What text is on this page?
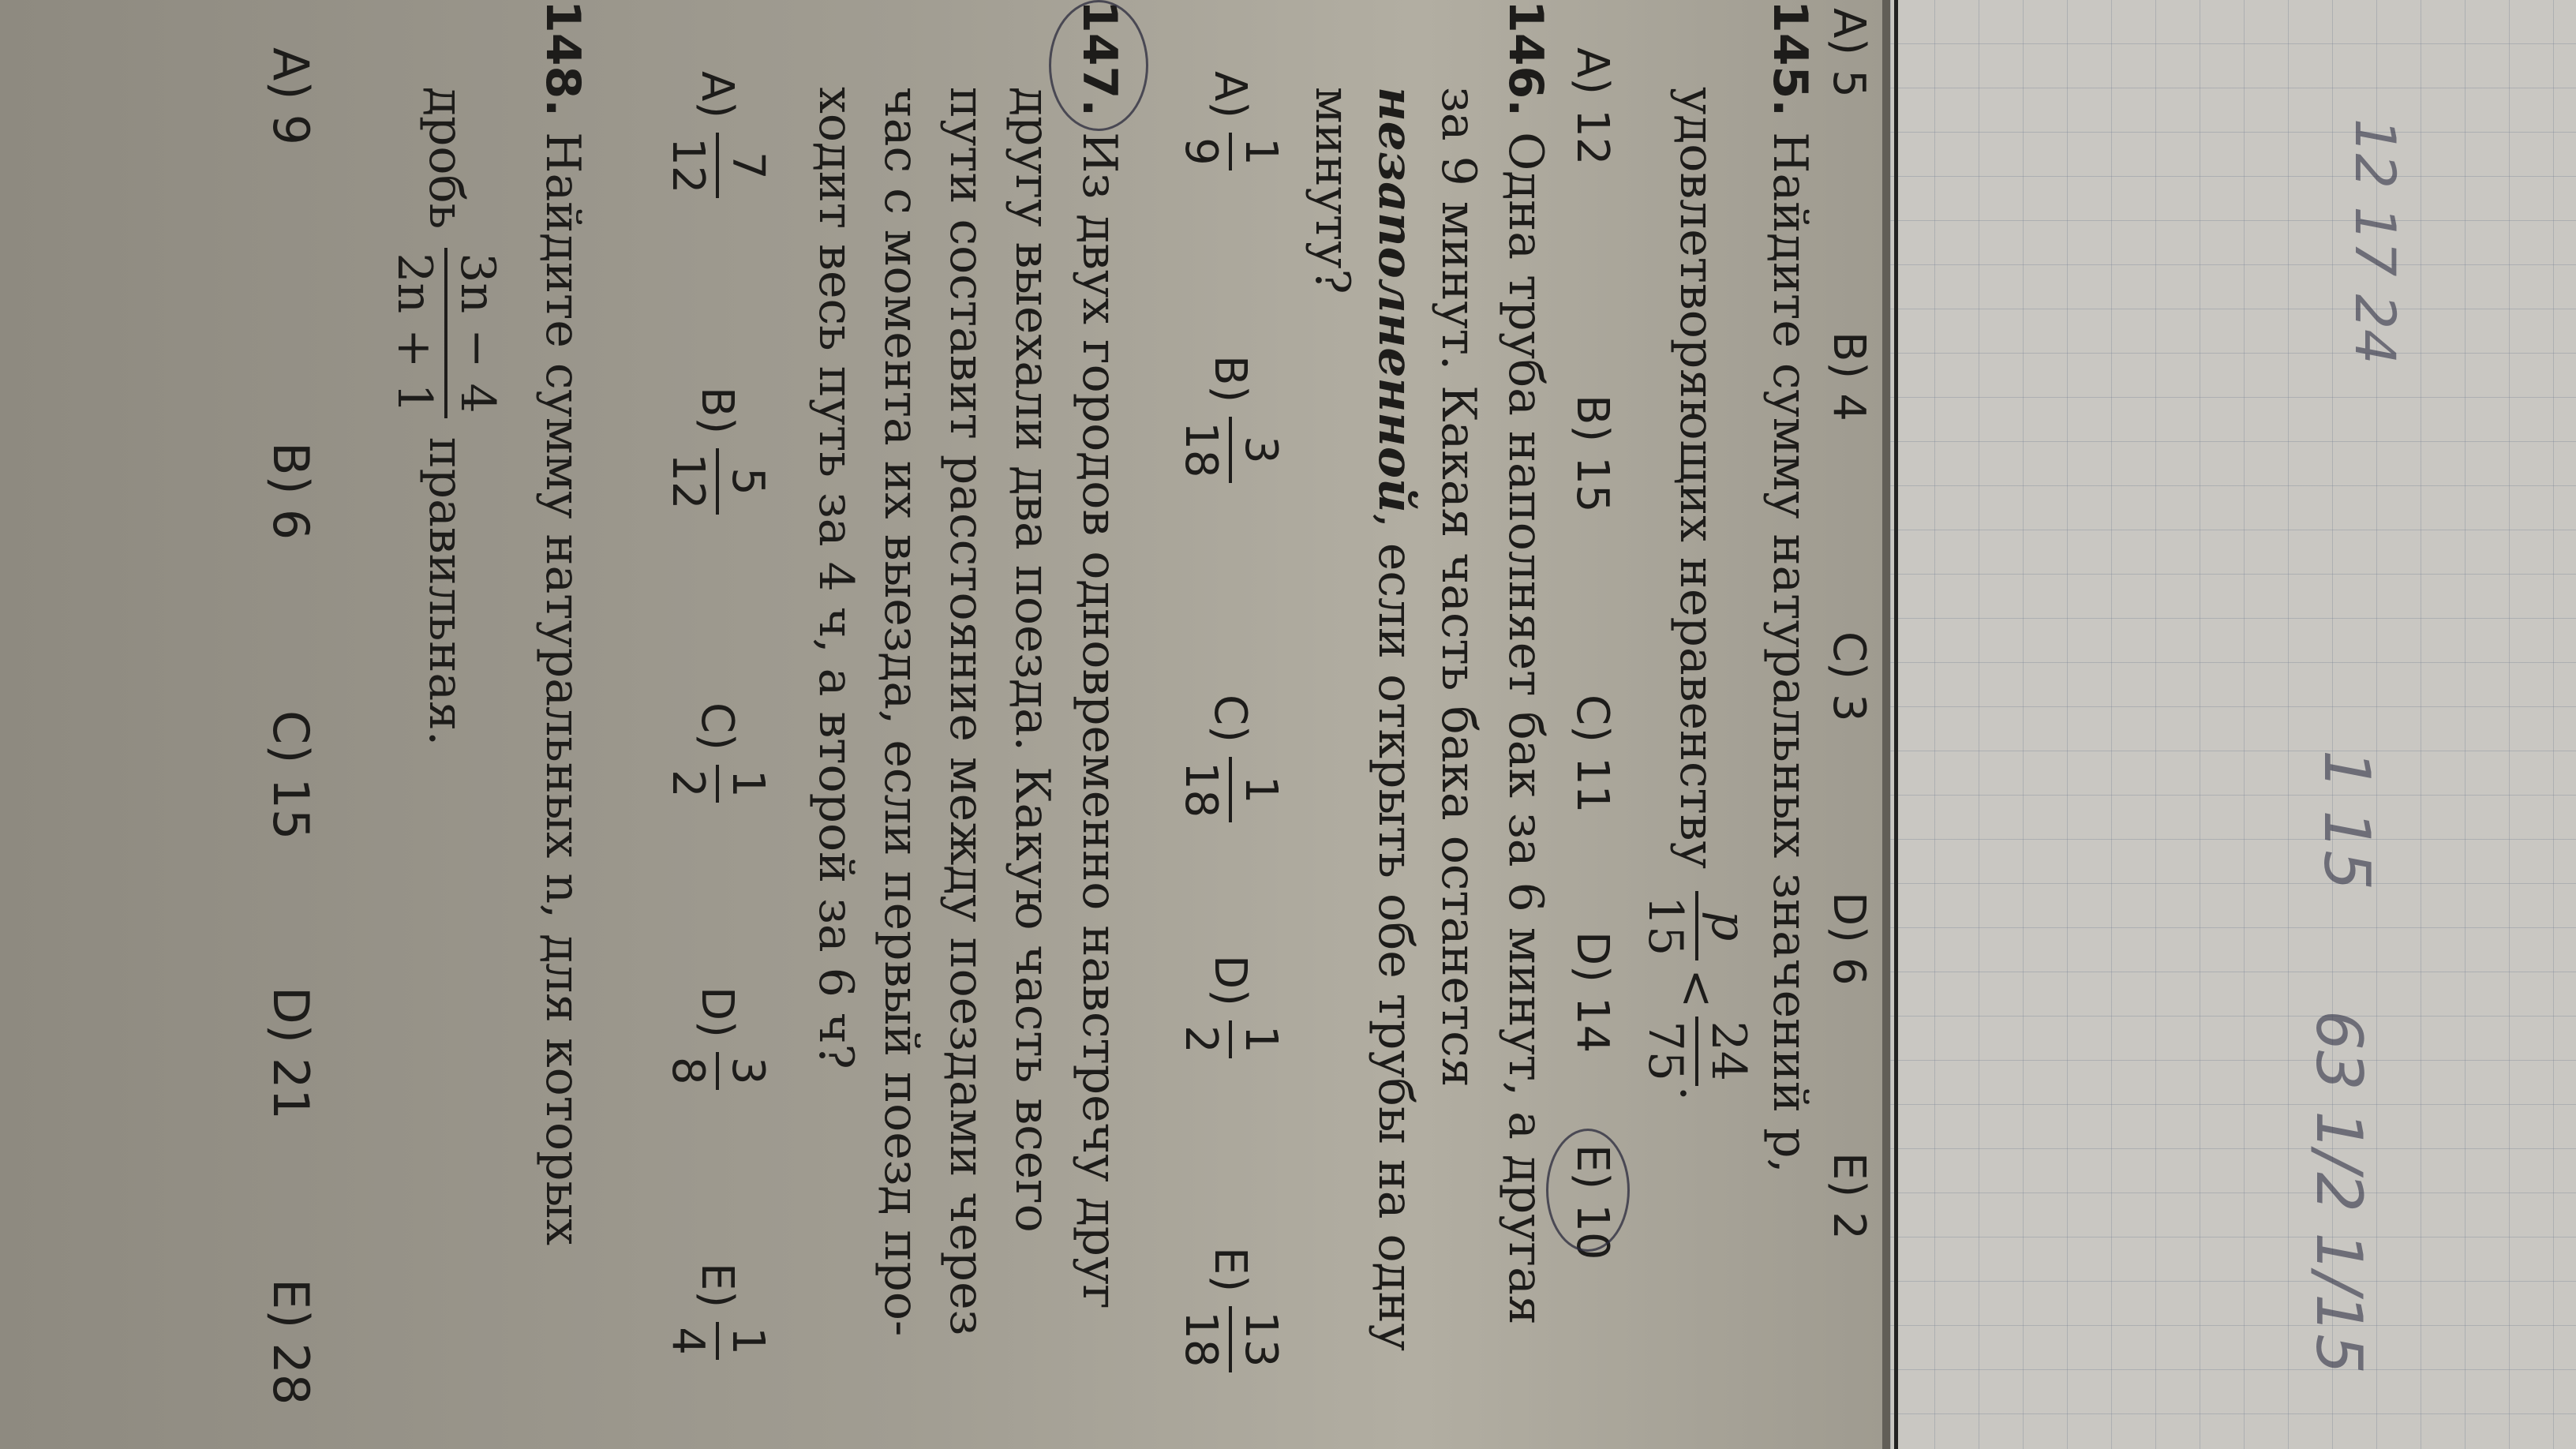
12 17 24
1 15
63 1/2 1/15
A)
5
B)
4
C)
3
D)
6
E)
2
145. Найдите сумму натуральных значений p,
удовлетворяющих неравенству
p
15
<
24
75
.
A)
12
B)
15
C)
11
D)
14
E)
10
146. Одна труба наполняет бак за 6 минут, а другая
за 9 минут. Какая часть бака останется
незаполненной, если открыть обе трубы на одну
минуту?
A)
1
9
B)
3
18
C)
1
18
D)
1
2
E)
13
18
147. Из двух городов одновременно навстречу друг
другу выехали два поезда. Какую часть всего
пути составит расстояние между поездами через
час с момента их выезда, если первый поезд про-
ходит весь путь за 4 ч, а второй за 6 ч?
A)
7
12
B)
5
12
C)
1
2
D)
3
8
E)
1
4
148. Найдите сумму натуральных n, для которых
дробь
3n − 4
2n + 1
правильная.
A)
9
B)
6
C)
15
D)
21
E)
28
